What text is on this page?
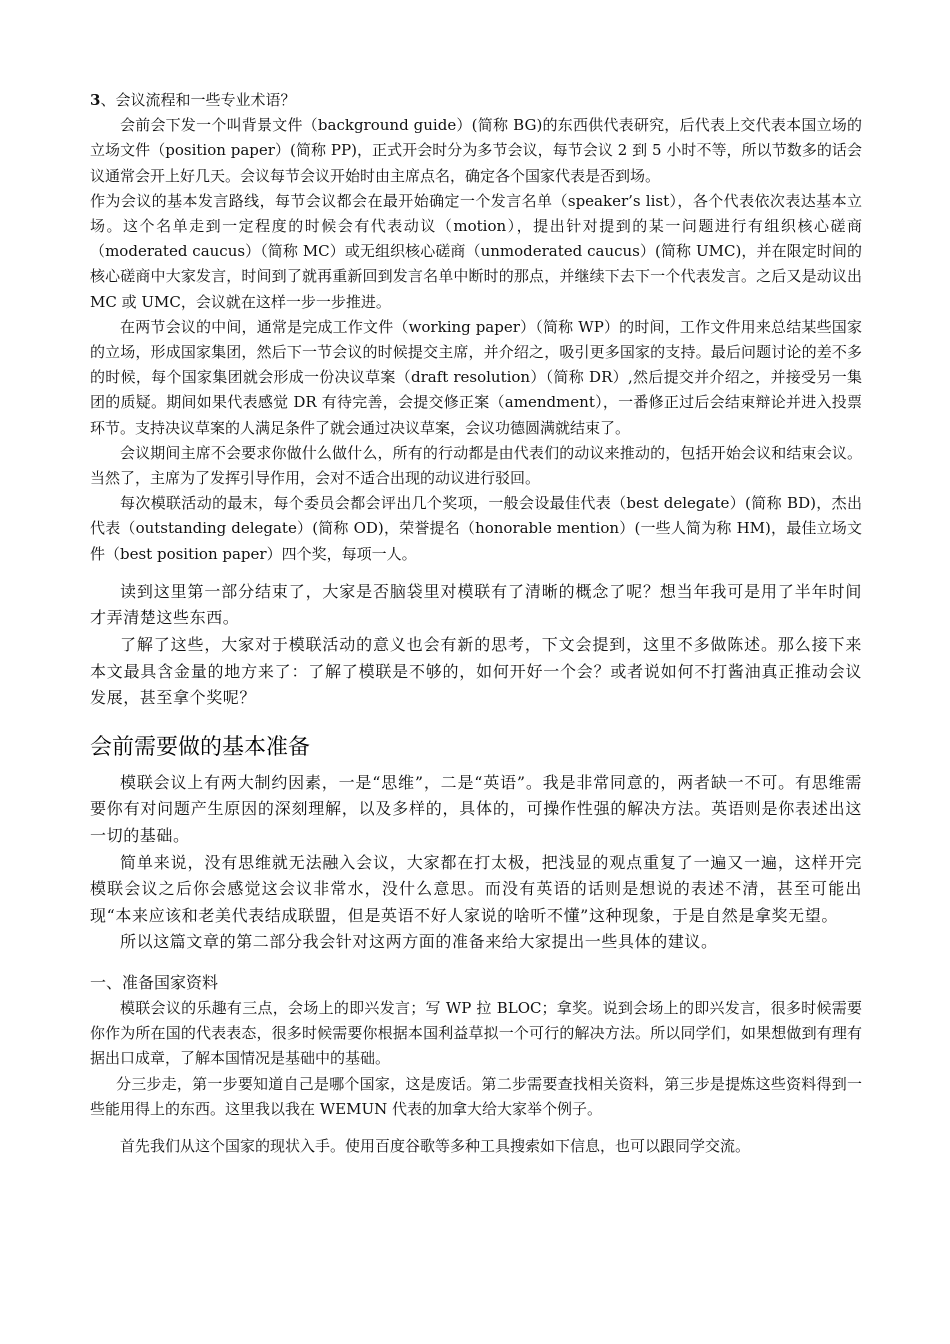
3、会议流程和一些专业术语？

会前会下发一个叫背景文件（background guide）(简称 BG)的东西供代表研究，后代表上交代表本国立场的立场文件（position paper）(简称 PP)，正式开会时分为多节会议，每节会议 2 到 5 小时不等，所以节数多的话会议通常会开上好几天。会议每节会议开始时由主席点名，确定各个国家代表是否到场。

作为会议的基本发言路线，每节会议都会在最开始确定一个发言名单（speaker’s list），各个代表依次表达基本立场。这个名单走到一定程度的时候会有代表动议（motion），提出针对提到的某一问题进行有组织核心磋商（moderated caucus）（简称 MC）或无组织核心磋商（unmoderated caucus）(简称 UMC)，并在限定时间的核心磋商中大家发言，时间到了就再重新回到发言名单中断时的那点，并继续下去下一个代表发言。之后又是动议出 MC 或 UMC，会议就在这样一步一步推进。

在两节会议的中间，通常是完成工作文件（working paper）（简称 WP）的时间，工作文件用来总结某些国家的立场，形成国家集团，然后下一节会议的时候提交主席，并介绍之，吸引更多国家的支持。最后问题讨论的差不多的时候，每个国家集团就会形成一份决议草案（draft resolution）（简称 DR）,然后提交并介绍之，并接受另一集团的质疑。期间如果代表感觉 DR 有待完善，会提交修正案（amendment），一番修正过后会结束辩论并进入投票环节。支持决议草案的人满足条件了就会通过决议草案，会议功德圆满就结束了。

会议期间主席不会要求你做什么做什么，所有的行动都是由代表们的动议来推动的，包括开始会议和结束会议。当然了，主席为了发挥引导作用，会对不适合出现的动议进行驳回。

每次模联活动的最末，每个委员会都会评出几个奖项，一般会设最佳代表（best delegate）(简称 BD)，杰出代表（outstanding delegate）(简称 OD)，荣誉提名（honorable mention）(一些人简为称 HM)，最佳立场文件（best position paper）四个奖，每项一人。

读到这里第一部分结束了，大家是否脑袋里对模联有了清晰的概念了呢？想当年我可是用了半年时间才弄清楚这些东西。

了解了这些，大家对于模联活动的意义也会有新的思考，下文会提到，这里不多做陈述。那么接下来本文最具含金量的地方来了：了解了模联是不够的，如何开好一个会？或者说如何不打酱油真正推动会议发展，甚至拿个奖呢？

会前需要做的基本准备

模联会议上有两大制约因素，一是“思维”，二是“英语”。我是非常同意的，两者缺一不可。有思维需要你有对问题产生原因的深刻理解，以及多样的，具体的，可操作性强的解决方法。英语则是你表述出这一切的基础。

简单来说，没有思维就无法融入会议，大家都在打太极，把浅显的观点重复了一遍又一遍，这样开完模联会议之后你会感觉这会议非常水，没什么意思。而没有英语的话则是想说的表述不清，甚至可能出现“本来应该和老美代表结成联盟，但是英语不好人家说的啥听不懂”这种现象，于是自然是拿奖无望。

所以这篇文章的第二部分我会针对这两方面的准备来给大家提出一些具体的建议。

一、准备国家资料

模联会议的乐趣有三点，会场上的即兴发言；写 WP 拉 BLOC；拿奖。说到会场上的即兴发言，很多时候需要你作为所在国的代表表态，很多时候需要你根据本国利益草拟一个可行的解决方法。所以同学们，如果想做到有理有据出口成章，了解本国情况是基础中的基础。

分三步走，第一步要知道自己是哪个国家，这是废话。第二步需要查找相关资料，第三步是提炼这些资料得到一些能用得上的东西。这里我以我在 WEMUN 代表的加拿大给大家举个例子。

首先我们从这个国家的现状入手。使用百度谷歌等多种工具搜索如下信息，也可以跟同学交流。
